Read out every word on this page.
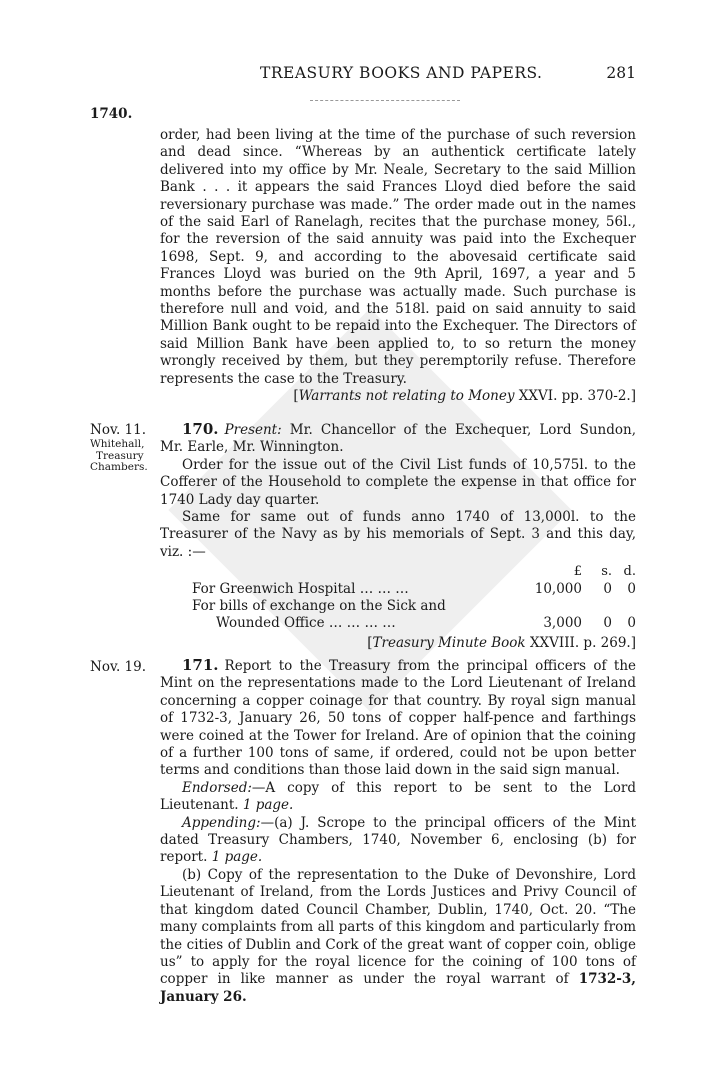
TREASURY BOOKS AND PAPERS.	281
1740.

order, had been living at the time of the purchase of such reversion and dead since. “Whereas by an authentick certificate lately delivered into my office by Mr. Neale, Secretary to the said Million Bank . . . it appears the said Frances Lloyd died before the said reversionary purchase was made.” The order made out in the names of the said Earl of Ranelagh, recites that the purchase money, 56l., for the reversion of the said annuity was paid into the Exchequer 1698, Sept. 9, and according to the abovesaid certificate said Frances Lloyd was buried on the 9th April, 1697, a year and 5 months before the purchase was actually made. Such purchase is therefore null and void, and the 518l. paid on said annuity to said Million Bank ought to be repaid into the Exchequer. The Directors of said Million Bank have been applied to, to so return the money wrongly received by them, but they peremptorily refuse. Therefore represents the case to the Treasury.

[Warrants not relating to Money XXVI. pp. 370-2.]

Nov. 11.
Whitehall,
Treasury
Chambers.

170. Present: Mr. Chancellor of the Exchequer, Lord Sundon, Mr. Earle, Mr. Winnington.

Order for the issue out of the Civil List funds of 10,575l. to the Cofferer of the Household to complete the expense in that office for 1740 Lady day quarter.

Same for same out of funds anno 1740 of 13,000l. to the Treasurer of the Navy as by his memorials of Sept. 3 and this day, viz. :—

	£	s.	d.
For Greenwich Hospital … … …	10,000	0	0
For bills of exchange on the Sick and			
Wounded Office … … … …	3,000	0	0

[Treasury Minute Book XXVIII. p. 269.]

Nov. 19.	171. Report to the Treasury from the principal officers of the Mint on the representations made to the Lord Lieutenant of Ireland concerning a copper coinage for that country. By royal sign manual of 1732-3, January 26, 50 tons of copper half-pence and farthings were coined at the Tower for Ireland. Are of opinion that the coining of a further 100 tons of same, if ordered, could not be upon better terms and conditions than those laid down in the said sign manual.

Endorsed:—A copy of this report to be sent to the Lord Lieutenant. 1 page.

Appending:—(a) J. Scrope to the principal officers of the Mint dated Treasury Chambers, 1740, November 6, enclosing (b) for report. 1 page.

(b) Copy of the representation to the Duke of Devonshire, Lord Lieutenant of Ireland, from the Lords Justices and Privy Council of that kingdom dated Council Chamber, Dublin, 1740, Oct. 20. “The many complaints from all parts of this kingdom and particularly from the cities of Dublin and Cork of the great want of copper coin, oblige us” to apply for the royal licence for the coining of 100 tons of copper in like manner as under the royal warrant of 1732-3, January 26.
